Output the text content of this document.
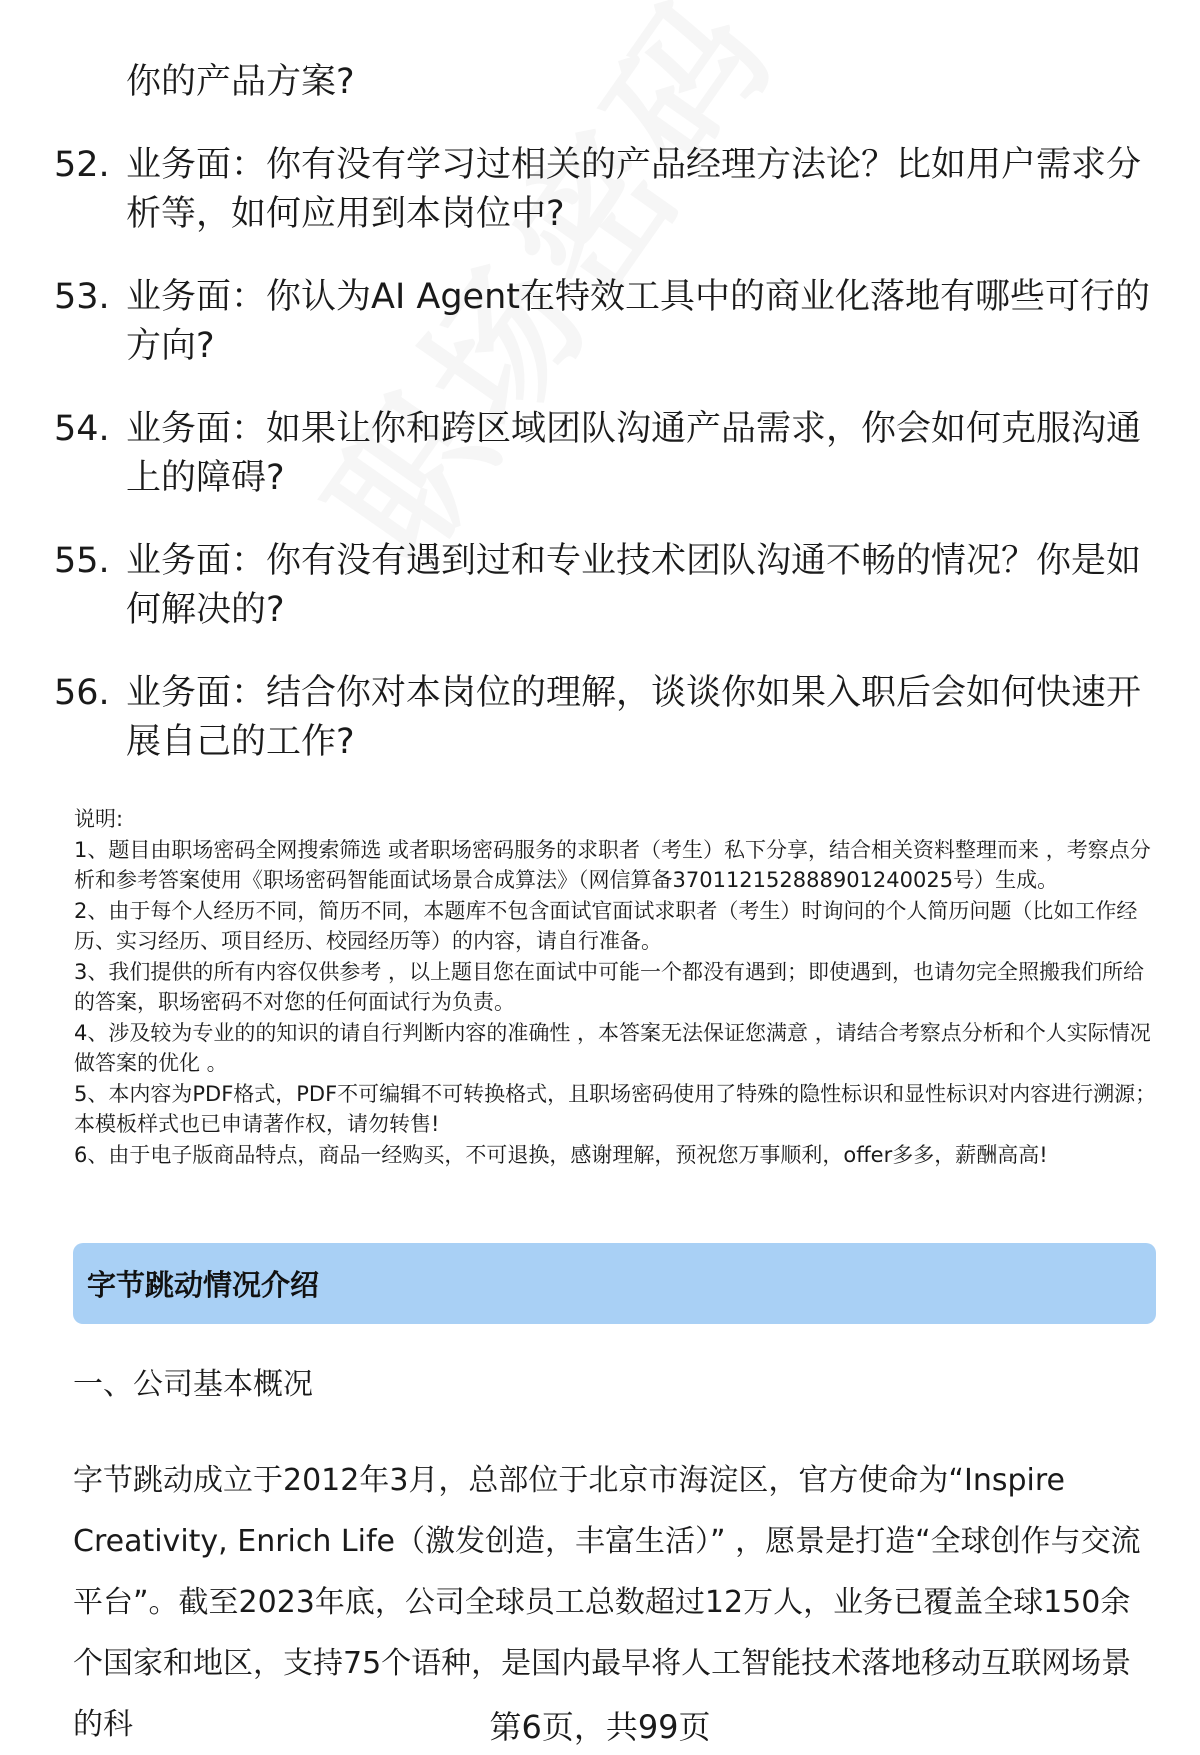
你的产品方案?
52. 业务面：你有没有学习过相关的产品经理方法论？比如用户需求分析等，如何应用到本岗位中?
53. 业务面：你认为AI Agent在特效工具中的商业化落地有哪些可行的方向?
54. 业务面：如果让你和跨区域团队沟通产品需求，你会如何克服沟通上的障碍?
55. 业务面：你有没有遇到过和专业技术团队沟通不畅的情况？你是如何解决的?
56. 业务面：结合你对本岗位的理解，谈谈你如果入职后会如何快速开展自己的工作?

说明:

1、题目由职场密码全网搜索筛选 或者职场密码服务的求职者（考生）私下分享，结合相关资料整理而来 ，考察点分析和参考答案使用《职场密码智能面试场景合成算法》（网信算备370112152888901240025号）生成。

2、由于每个人经历不同，简历不同，本题库不包含面试官面试求职者（考生）时询问的个人简历问题（比如工作经历、实习经历、项目经历、校园经历等）的内容，请自行准备。

3、我们提供的所有内容仅供参考 ，以上题目您在面试中可能一个都没有遇到；即使遇到，也请勿完全照搬我们所给的答案，职场密码不对您的任何面试行为负责。

4、涉及较为专业的的知识的请自行判断内容的准确性 ，本答案无法保证您满意 ，请结合考察点分析和个人实际情况做答案的优化 。

5、本内容为PDF格式，PDF不可编辑不可转换格式，且职场密码使用了特殊的隐性标识和显性标识对内容进行溯源；本模板样式也已申请著作权，请勿转售!

6、由于电子版商品特点，商品一经购买，不可退换，感谢理解，预祝您万事顺利，offer多多，薪酬高高!

字节跳动情况介绍
一、公司基本概况
字节跳动成立于2012年3月，总部位于北京市海淀区，官方使命为“Inspire Creativity, Enrich Life（激发创造，丰富生活）” ，愿景是打造“全球创作与交流平台”。截至2023年底，公司全球员工总数超过12万人，业务已覆盖全球150余个国家和地区，支持75个语种，是国内最早将人工智能技术落地移动互联网场景的科	第6页，共99页
